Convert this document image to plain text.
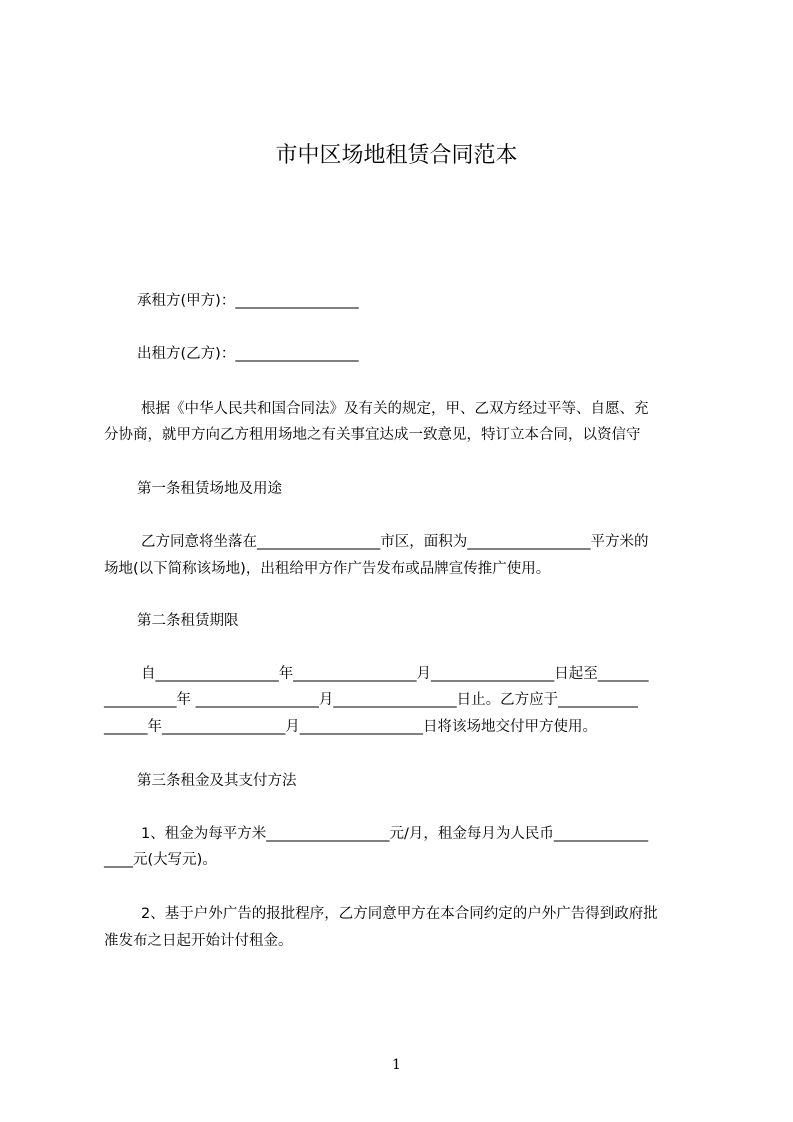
市中区场地租赁合同范本

承租方(甲方)：_________________

出租方(乙方)：_________________

根据《中华人民共和国合同法》及有关的规定，甲、乙双方经过平等、自愿、充

分协商，就甲方向乙方租用场地之有关事宜达成一致意见，特订立本合同，以资信守

第一条租赁场地及用途

乙方同意将坐落在_________________市区，面积为_________________平方米的

场地(以下简称该场地)，出租给甲方作广告发布或品牌宣传推广使用。

第二条租赁期限

自_________________年_________________月_________________日起至_______

__________年 _________________月_________________日止。乙方应于___________

______年_________________月_________________日将该场地交付甲方使用。

第三条租金及其支付方法

1、租金为每平方米_________________元/月，租金每月为人民币_____________

____元(大写元)。

2、基于户外广告的报批程序，乙方同意甲方在本合同约定的户外广告得到政府批

准发布之日起开始计付租金。

1
